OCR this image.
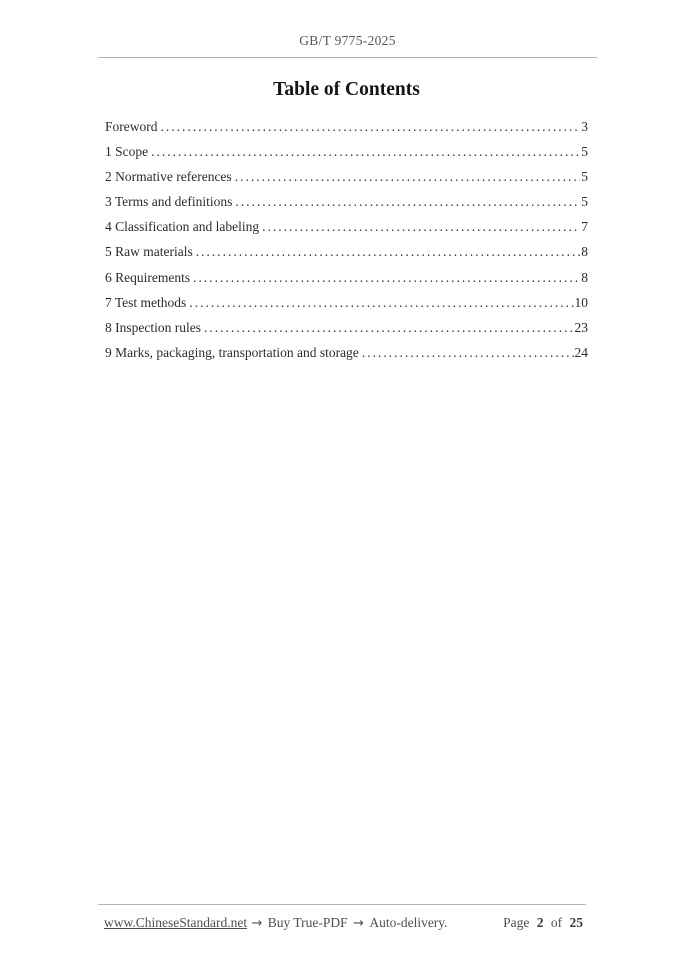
GB/T 9775-2025
Table of Contents
Foreword .....	3
1 Scope .....	5
2 Normative references .....	5
3 Terms and definitions .....	5
4 Classification and labeling .....	7
5 Raw materials .....	8
6 Requirements .....	8
7 Test methods .....	10
8 Inspection rules .....	23
9 Marks, packaging, transportation and storage .....	24
www.ChineseStandard.net → Buy True-PDF → Auto-delivery.	Page 2 of 25
